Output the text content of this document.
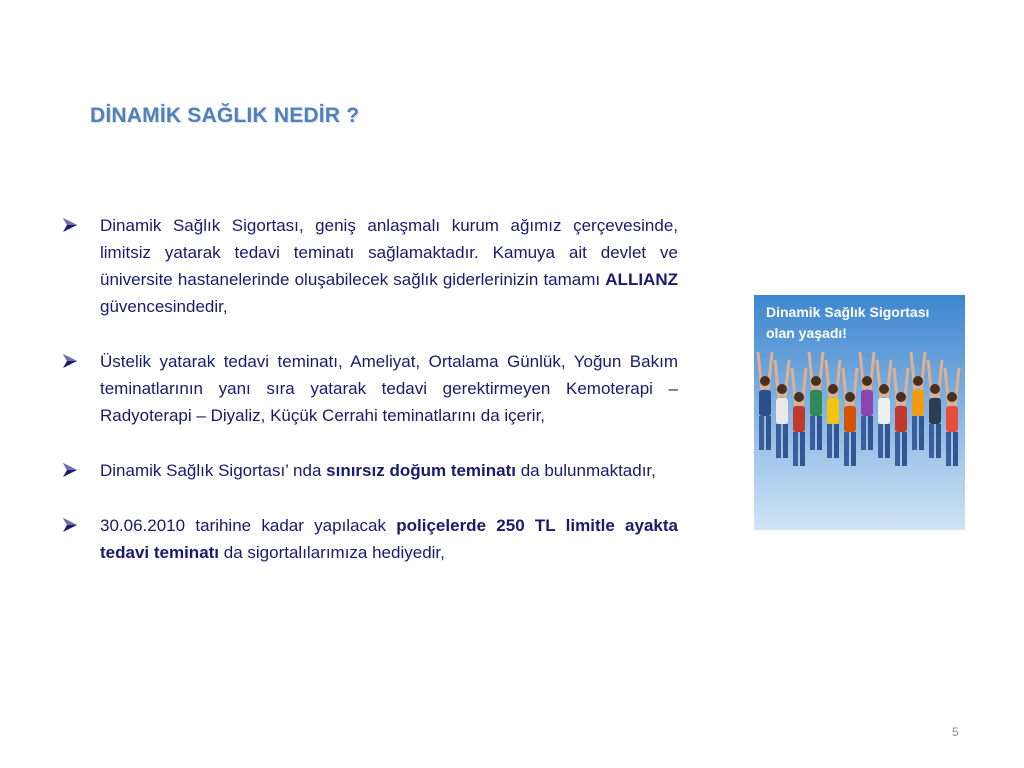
DİNAMİK SAĞLIK NEDİR ?
Dinamik Sağlık Sigortası, geniş anlaşmalı kurum ağımız çerçevesinde, limitsiz yatarak tedavi teminatı sağlamaktadır. Kamuya ait devlet ve üniversite hastanelerinde oluşabilecek sağlık giderlerinizin tamamı ALLIANZ güvencesindedir,
Üstelik yatarak tedavi teminatı, Ameliyat, Ortalama Günlük, Yoğun Bakım teminatlarının yanı sıra yatarak tedavi gerektirmeyen Kemoterapi – Radyoterapi – Diyaliz, Küçük Cerrahi teminatlarını da içerir,
Dinamik Sağlık Sigortası’ nda sınırsız doğum teminatı da bulunmaktadır,
30.06.2010 tarihine kadar yapılacak poliçelerde 250 TL limitle ayakta tedavi teminatı da sigortalılarımıza hediyedir,
Dinamik Sağlık Sigortası
olan yaşadı!
5
